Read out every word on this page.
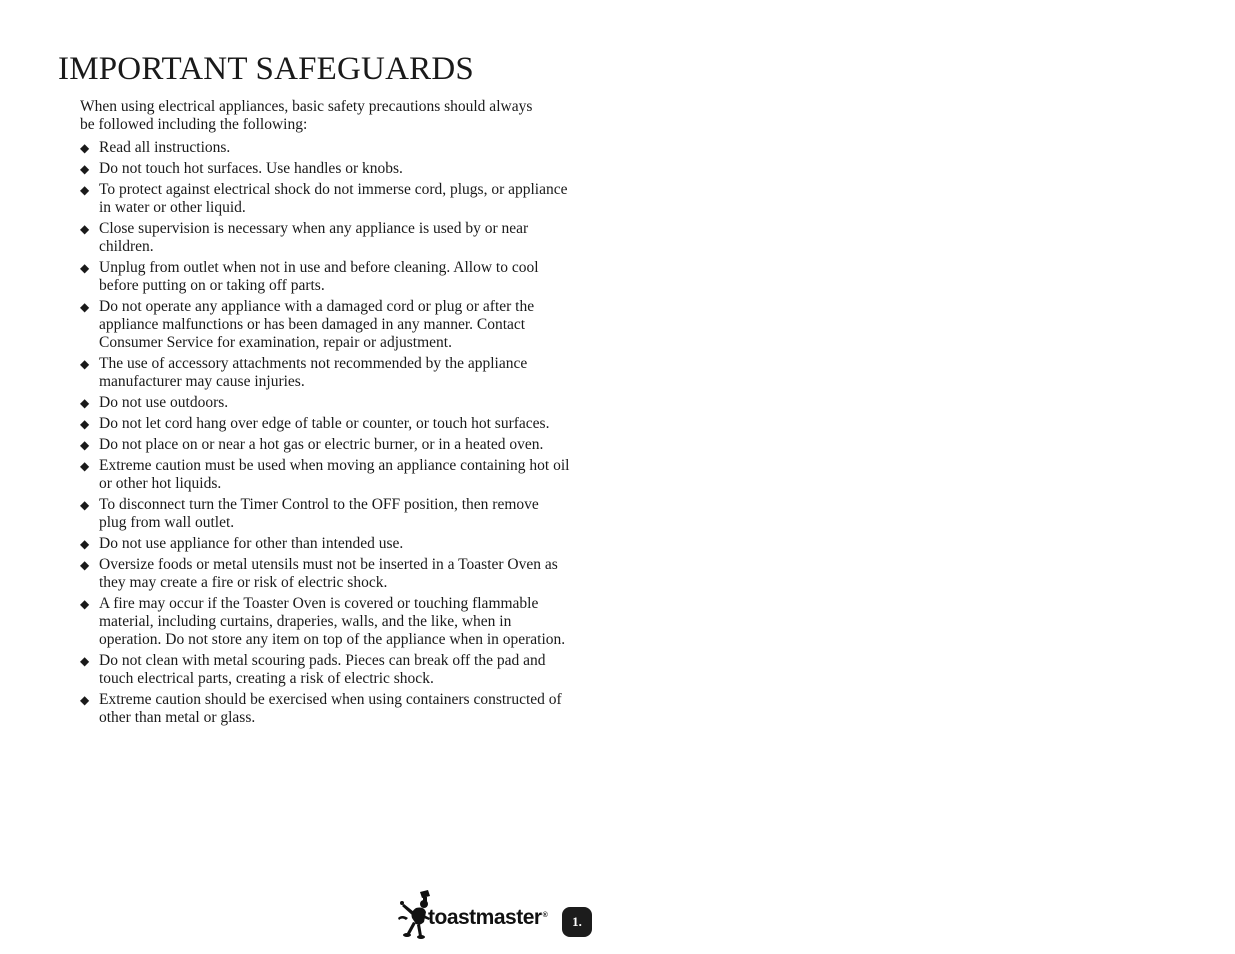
IMPORTANT SAFEGUARDS

When using electrical appliances, basic safety precautions should always be followed including the following:

◆ Read all instructions.
◆ Do not touch hot surfaces. Use handles or knobs.
◆ To protect against electrical shock do not immerse cord, plugs, or appliance in water or other liquid.
◆ Close supervision is necessary when any appliance is used by or near children.
◆ Unplug from outlet when not in use and before cleaning. Allow to cool before putting on or taking off parts.
◆ Do not operate any appliance with a damaged cord or plug or after the appliance malfunctions or has been damaged in any manner. Contact Consumer Service for examination, repair or adjustment.
◆ The use of accessory attachments not recommended by the appliance manufacturer may cause injuries.
◆ Do not use outdoors.
◆ Do not let cord hang over edge of table or counter, or touch hot surfaces.
◆ Do not place on or near a hot gas or electric burner, or in a heated oven.
◆ Extreme caution must be used when moving an appliance containing hot oil or other hot liquids.
◆ To disconnect turn the Timer Control to the OFF position, then remove plug from wall outlet.
◆ Do not use appliance for other than intended use.
◆ Oversize foods or metal utensils must not be inserted in a Toaster Oven as they may create a fire or risk of electric shock.
◆ A fire may occur if the Toaster Oven is covered or touching flammable material, including curtains, draperies, walls, and the like, when in operation. Do not store any item on top of the appliance when in operation.
◆ Do not clean with metal scouring pads. Pieces can break off the pad and touch electrical parts, creating a risk of electric shock.
◆ Extreme caution should be exercised when using containers constructed of other than metal or glass.
toastmaster®	1.
